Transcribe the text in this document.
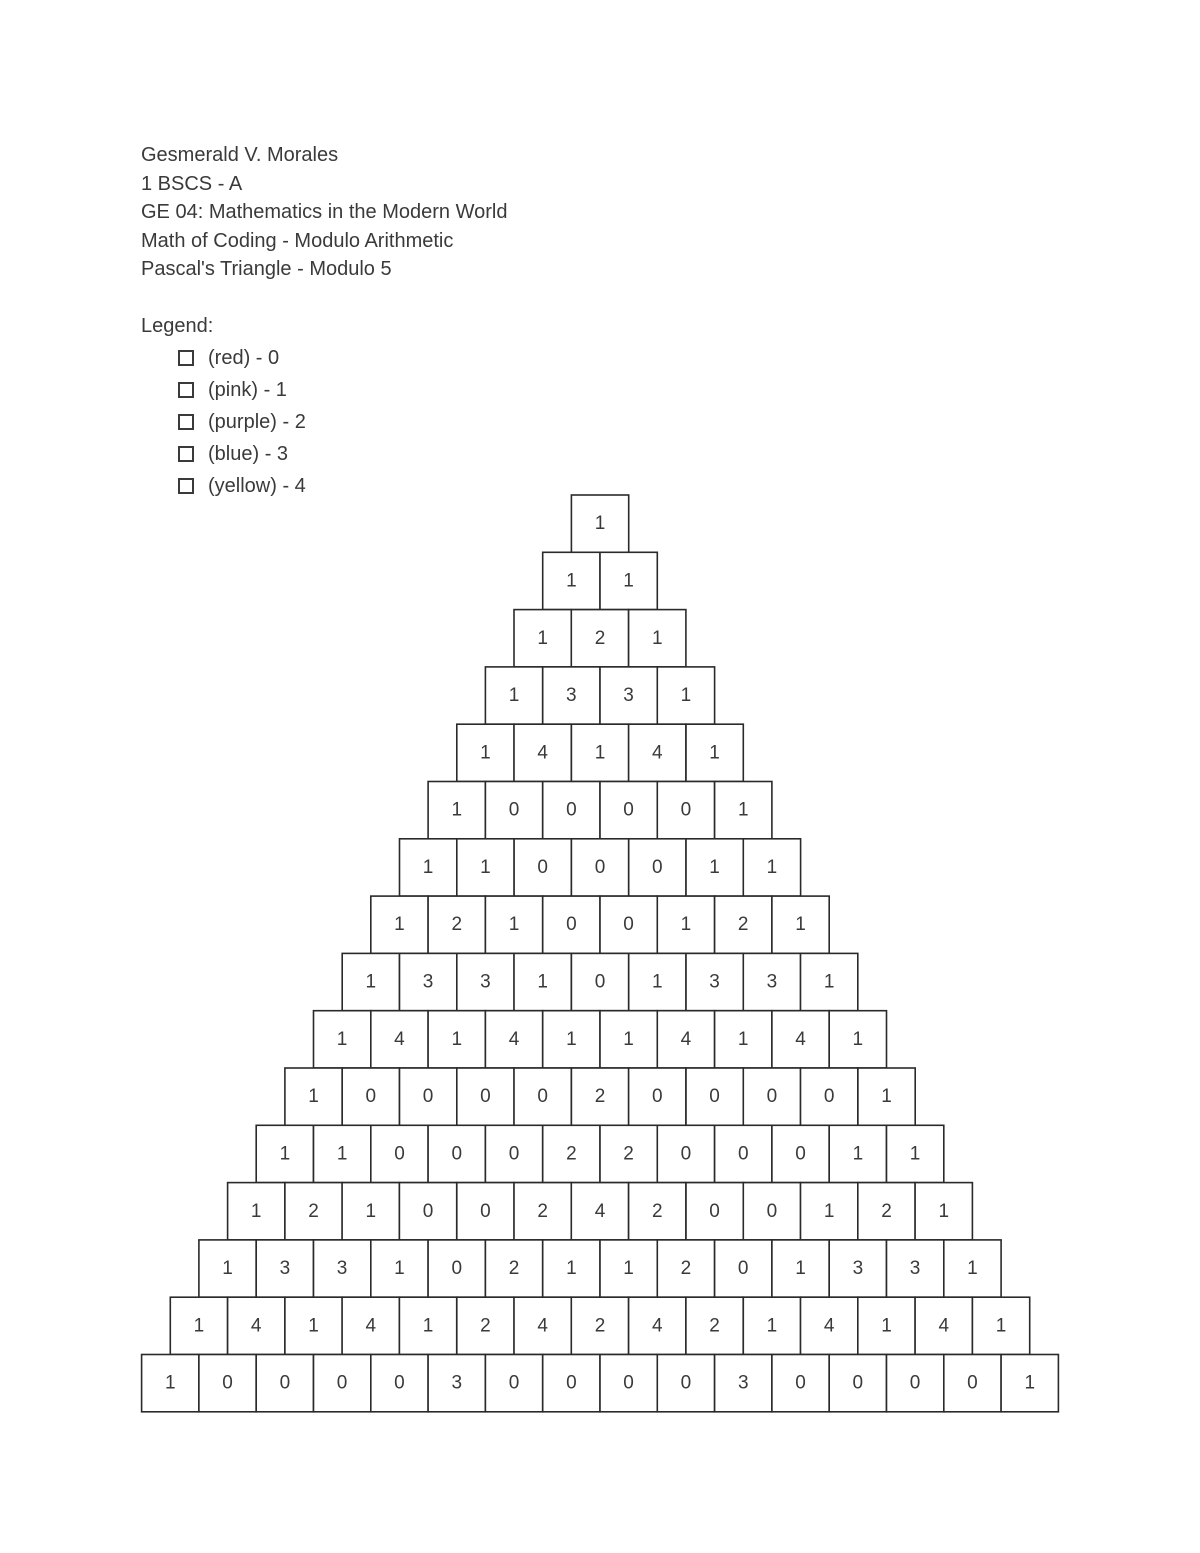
Gesmerald V. Morales
1 BSCS - A
GE 04: Mathematics in the Modern World
Math of Coding - Modulo Arithmetic
Pascal's Triangle - Modulo 5
Legend:
(red) - 0
(pink) - 1
(purple) - 2
(blue) - 3
(yellow) - 4
1
1 1
1 2 1
1 3 3 1
1 4 1 4 1
1 0 0 0 0 1
1 1 0 0 0 1 1
1 2 1 0 0 1 2 1
1 3 3 1 0 1 3 3 1
1 4 1 4 1 1 4 1 4 1
1 0 0 0 0 2 0 0 0 0 1
1 1 0 0 0 2 2 0 0 0 1 1
1 2 1 0 0 2 4 2 0 0 1 2 1
1 3 3 1 0 2 1 1 2 0 1 3 3 1
1 4 1 4 1 2 4 2 4 2 1 4 1 4 1
1 0 0 0 0 3 0 0 0 0 3 0 0 0 0 1
